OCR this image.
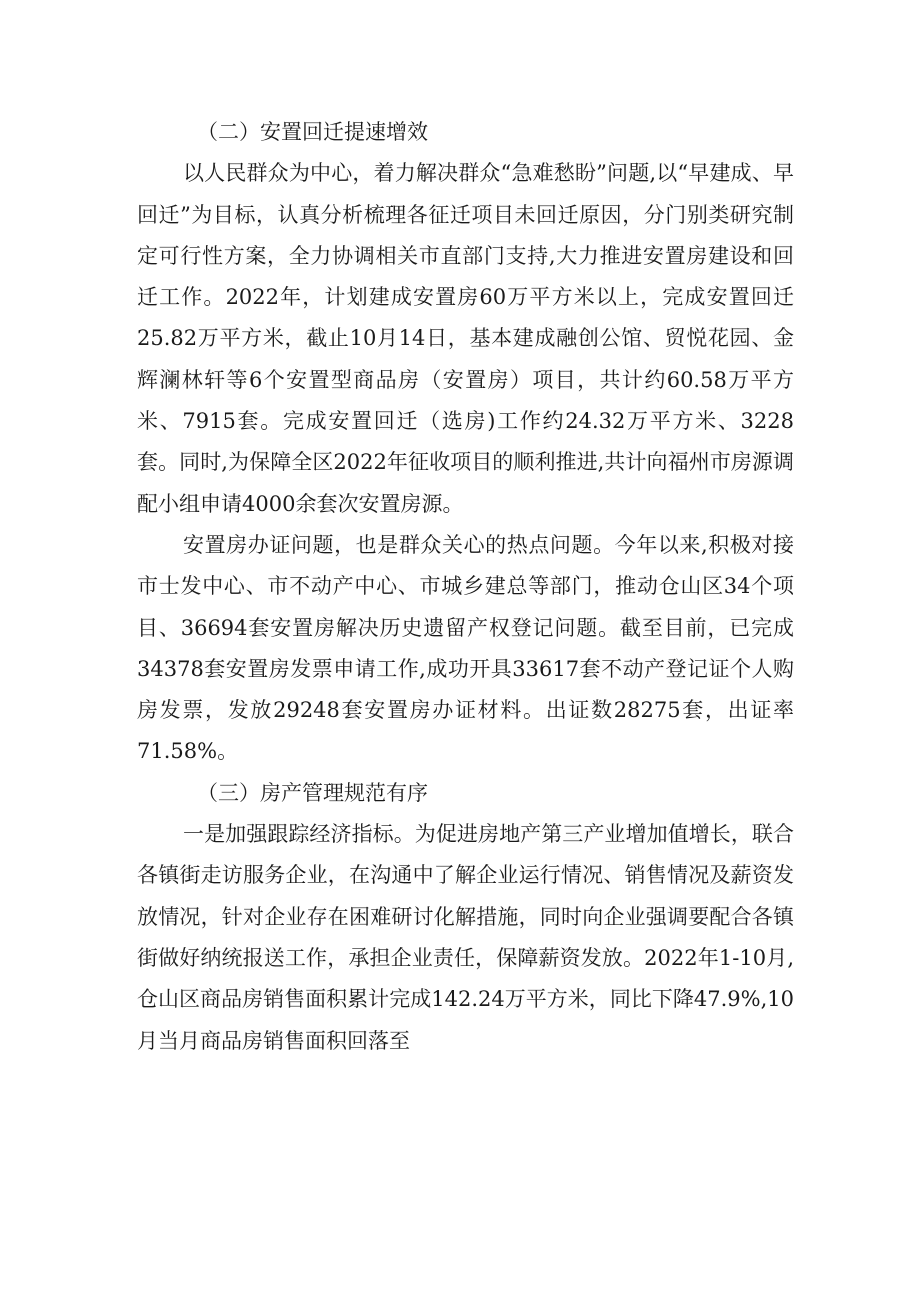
（二）安置回迁提速增效

以人民群众为中心，着力解决群众“急难愁盼”问题,以“早建成、早回迁”为目标，认真分析梳理各征迁项目未回迁原因，分门别类研究制定可行性方案，全力协调相关市直部门支持,大力推进安置房建设和回迁工作。2022年，计划建成安置房60万平方米以上，完成安置回迁25.82万平方米，截止10月14日，基本建成融创公馆、贸悦花园、金辉澜林轩等6个安置型商品房（安置房）项目，共计约60.58万平方米、7915套。完成安置回迁（选房)工作约24.32万平方米、3228套。同时,为保障全区2022年征收项目的顺利推进,共计向福州市房源调配小组申请4000余套次安置房源。

安置房办证问题，也是群众关心的热点问题。今年以来,积极对接市士发中心、市不动产中心、市城乡建总等部门，推动仓山区34个项目、36694套安置房解决历史遗留产权登记问题。截至目前，已完成34378套安置房发票申请工作,成功开具33617套不动产登记证个人购房发票，发放29248套安置房办证材料。出证数28275套，出证率71.58%。

（三）房产管理规范有序

一是加强跟踪经济指标。为促进房地产第三产业增加值增长，联合各镇街走访服务企业，在沟通中了解企业运行情况、销售情况及薪资发放情况，针对企业存在困难研讨化解措施，同时向企业强调要配合各镇街做好纳统报送工作，承担企业责任，保障薪资发放。2022年1-10月,仓山区商品房销售面积累计完成142.24万平方米，同比下降47.9%,10月当月商品房销售面积回落至
